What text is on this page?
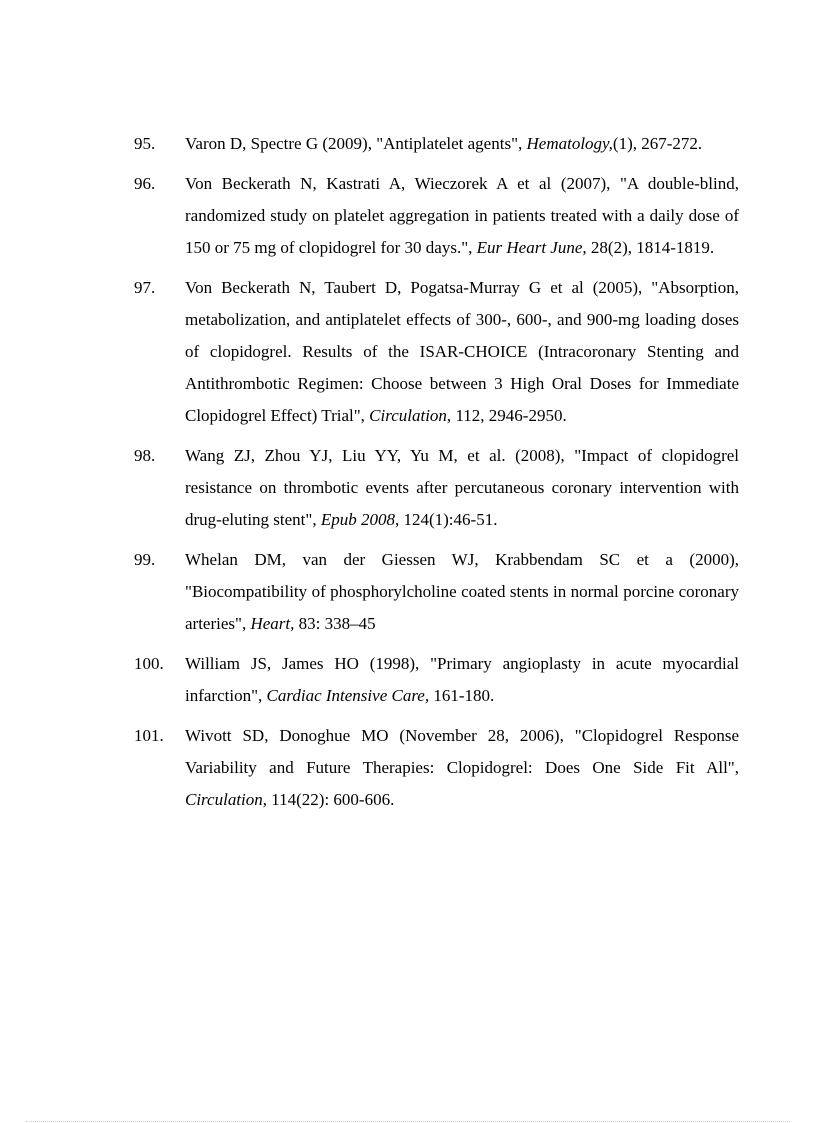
95. Varon D, Spectre G (2009), "Antiplatelet agents", Hematology,(1), 267-272.
96. Von Beckerath N, Kastrati A, Wieczorek A et al (2007), "A double-blind, randomized study on platelet aggregation in patients treated with a daily dose of 150 or 75 mg of clopidogrel for 30 days.", Eur Heart June, 28(2), 1814-1819.
97. Von Beckerath N, Taubert D, Pogatsa-Murray G et al (2005), "Absorption, metabolization, and antiplatelet effects of 300-, 600-, and 900-mg loading doses of clopidogrel. Results of the ISAR-CHOICE (Intracoronary Stenting and Antithrombotic Regimen: Choose between 3 High Oral Doses for Immediate Clopidogrel Effect) Trial", Circulation, 112, 2946-2950.
98. Wang ZJ, Zhou YJ, Liu YY, Yu M, et al. (2008), "Impact of clopidogrel resistance on thrombotic events after percutaneous coronary intervention with drug-eluting stent", Epub 2008, 124(1):46-51.
99. Whelan DM, van der Giessen WJ, Krabbendam SC et a (2000), "Biocompatibility of phosphorylcholine coated stents in normal porcine coronary arteries", Heart, 83: 338–45
100. William JS, James HO (1998), "Primary angioplasty in acute myocardial infarction", Cardiac Intensive Care, 161-180.
101. Wivott SD, Donoghue MO (November 28, 2006), "Clopidogrel Response Variability and Future Therapies: Clopidogrel: Does One Side Fit All", Circulation, 114(22): 600-606.
